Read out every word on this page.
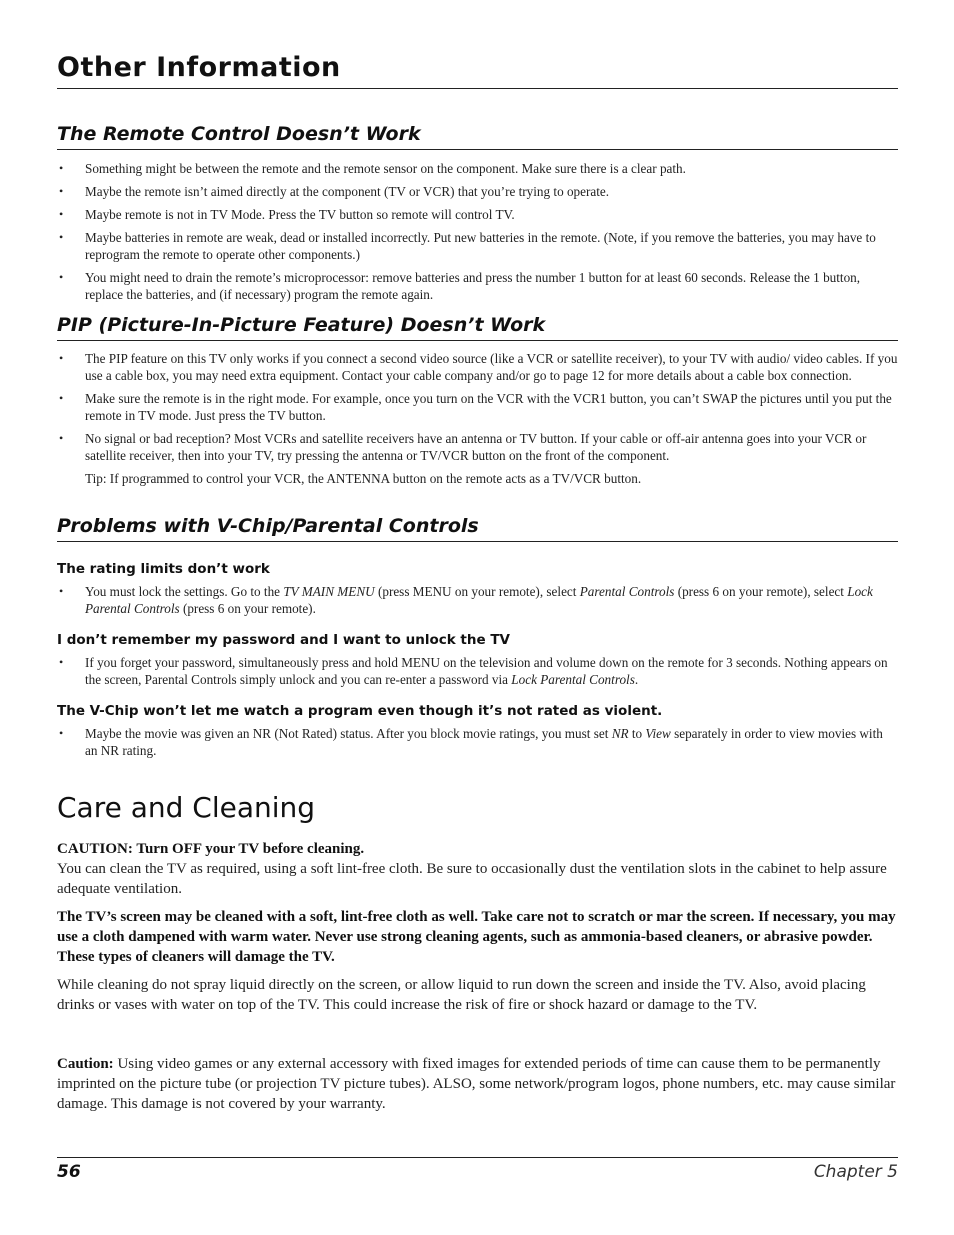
Other Information
The Remote Control Doesn’t Work
• Something might be between the remote and the remote sensor on the component. Make sure there is a clear path.
• Maybe the remote isn’t aimed directly at the component (TV or VCR) that you’re trying to operate.
• Maybe remote is not in TV Mode. Press the TV button so remote will control TV.
• Maybe batteries in remote are weak, dead or installed incorrectly. Put new batteries in the remote. (Note, if you remove the batteries, you may have to reprogram the remote to operate other components.)
• You might need to drain the remote’s microprocessor: remove batteries and press the number 1 button for at least 60 seconds. Release the 1 button, replace the batteries, and (if necessary) program the remote again.
PIP (Picture-In-Picture Feature) Doesn’t Work
• The PIP feature on this TV only works if you connect a second video source (like a VCR or satellite receiver), to your TV with audio/ video cables. If you use a cable box, you may need extra equipment. Contact your cable company and/or go to page 12 for more details about a cable box connection.
• Make sure the remote is in the right mode. For example, once you turn on the VCR with the VCR1 button, you can’t SWAP the pictures until you put the remote in TV mode. Just press the TV button.
• No signal or bad reception? Most VCRs and satellite receivers have an antenna or TV button. If your cable or off-air antenna goes into your VCR or satellite receiver, then into your TV, try pressing the antenna or TV/VCR button on the front of the component.
Tip: If programmed to control your VCR, the ANTENNA button on the remote acts as a TV/VCR button.
Problems with V-Chip/Parental Controls
The rating limits don’t work
• You must lock the settings. Go to the TV MAIN MENU (press MENU on your remote), select Parental Controls (press 6 on your remote), select Lock Parental Controls (press 6 on your remote).
I don’t remember my password and I want to unlock the TV
• If you forget your password, simultaneously press and hold MENU on the television and volume down on the remote for 3 seconds. Nothing appears on the screen, Parental Controls simply unlock and you can re-enter a password via Lock Parental Controls.
The V-Chip won’t let me watch a program even though it’s not rated as violent.
• Maybe the movie was given an NR (Not Rated) status. After you block movie ratings, you must set NR to View separately in order to view movies with an NR rating.
Care and Cleaning
CAUTION: Turn OFF your TV before cleaning.
You can clean the TV as required, using a soft lint-free cloth. Be sure to occasionally dust the ventilation slots in the cabinet to help assure adequate ventilation.
The TV’s screen may be cleaned with a soft, lint-free cloth as well. Take care not to scratch or mar the screen. If necessary, you may use a cloth dampened with warm water. Never use strong cleaning agents, such as ammonia-based cleaners, or abrasive powder. These types of cleaners will damage the TV.
While cleaning do not spray liquid directly on the screen, or allow liquid to run down the screen and inside the TV. Also, avoid placing drinks or vases with water on top of the TV. This could increase the risk of fire or shock hazard or damage to the TV.
Caution: Using video games or any external accessory with fixed images for extended periods of time can cause them to be permanently imprinted on the picture tube (or projection TV picture tubes). ALSO, some network/program logos, phone numbers, etc. may cause similar damage. This damage is not covered by your warranty.
56	Chapter 5
